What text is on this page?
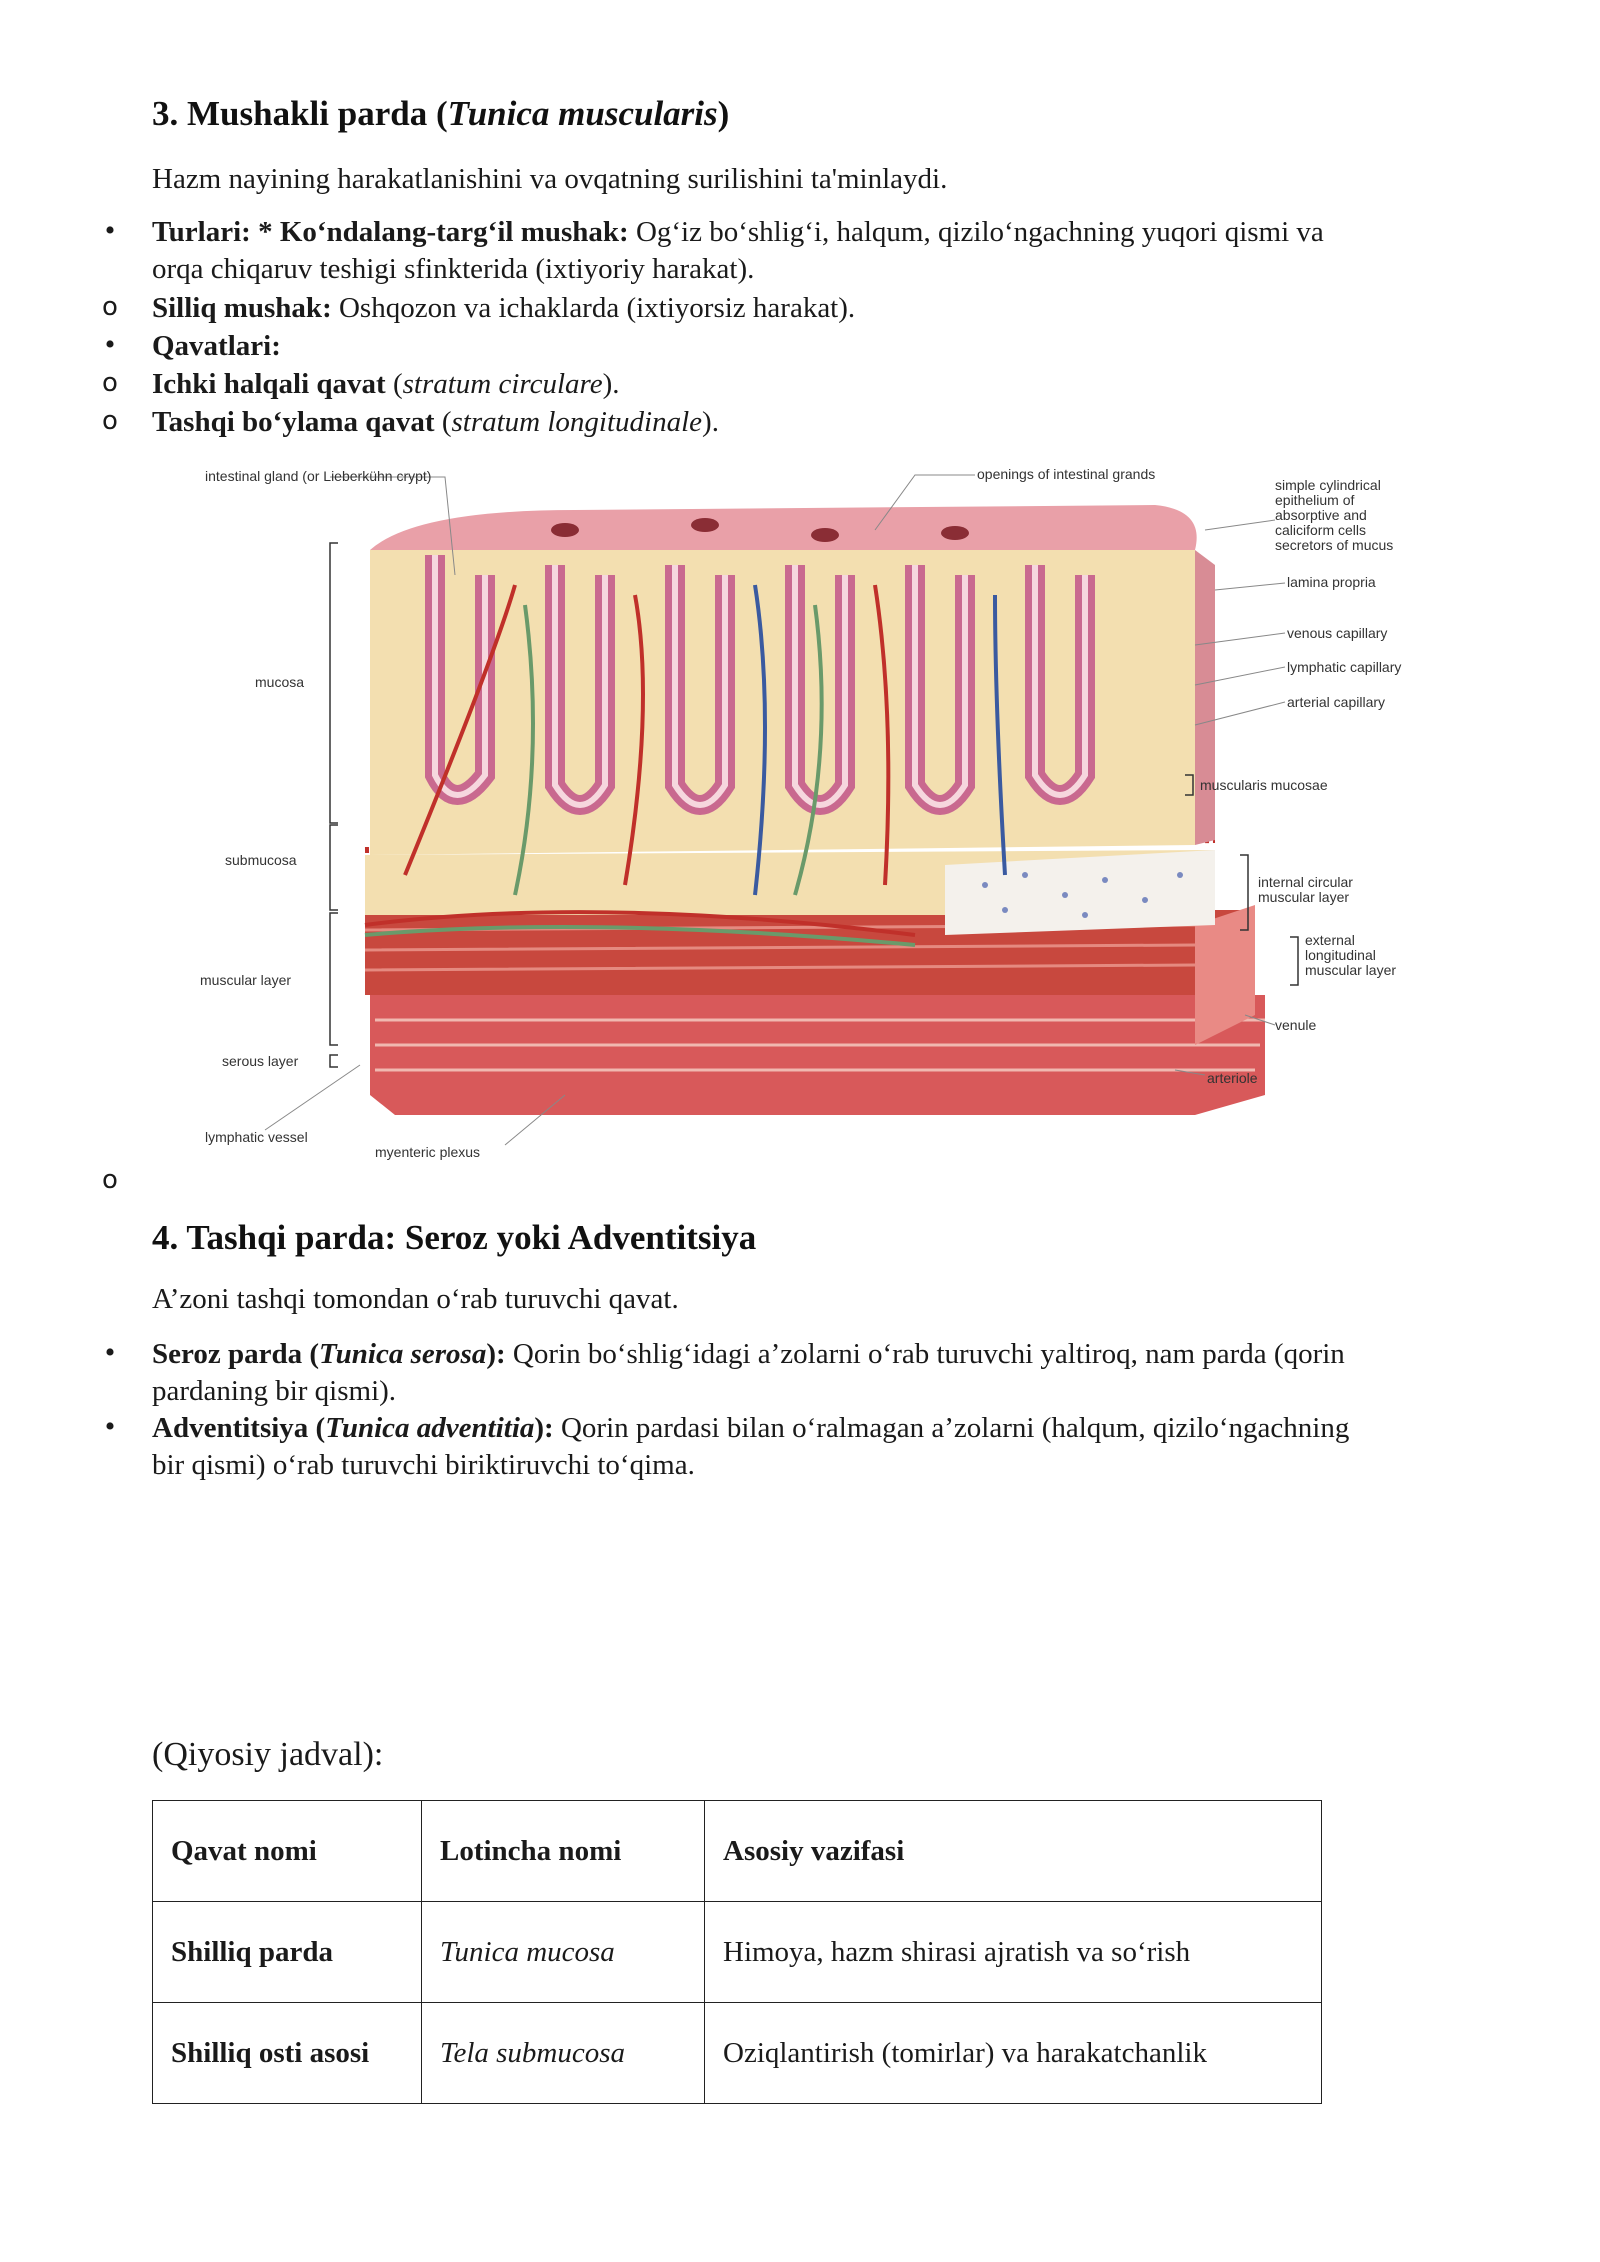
3. Mushakli parda (Tunica muscularis)

Hazm nayining harakatlanishini va ovqatning surilishini ta'minlaydi.

•
Turlari: * Ko‘ndalang-targ‘il mushak: Og‘iz bo‘shlig‘i, halqum, qizilo‘ngachning yuqori qismi va
orqa chiqaruv teshigi sfinkterida (ixtiyoriy harakat).
o
Silliq mushak: Oshqozon va ichaklarda (ixtiyorsiz harakat).
•
Qavatlari:
o
Ichki halqali qavat (stratum circulare).
o
Tashqi bo‘ylama qavat (stratum longitudinale).
intestinal gland (or Lieberkühn crypt)	openings of intestinal grands
simple cylindrical
epithelium of
absorptive and
caliciform cells
secretors of mucus
lamina propria
venous capillary
lymphatic capillary
arterial capillary
muscularis mucosae
mucosa
submucosa
internal circular
muscular layer
external
longitudinal
muscular layer
muscular layer
venule
serous layer
arteriole
lymphatic vessel
myenteric plexus
o
4. Tashqi parda: Seroz yoki Adventitsiya

A’zoni tashqi tomondan o‘rab turuvchi qavat.

•
Seroz parda (Tunica serosa): Qorin bo‘shlig‘idagi a’zolarni o‘rab turuvchi yaltiroq, nam parda (qorin
pardaning bir qismi).
•
Adventitsiya (Tunica adventitia): Qorin pardasi bilan o‘ralmagan a’zolarni (halqum, qizilo‘ngachning
bir qismi) o‘rab turuvchi biriktiruvchi to‘qima.
(Qiyosiy jadval):
Qavat nomi	Lotincha nomi	Asosiy vazifasi
Shilliq parda	Tunica mucosa	Himoya, hazm shirasi ajratish va so‘rish
Shilliq osti asosi	Tela submucosa	Oziqlantirish (tomirlar) va harakatchanlik
